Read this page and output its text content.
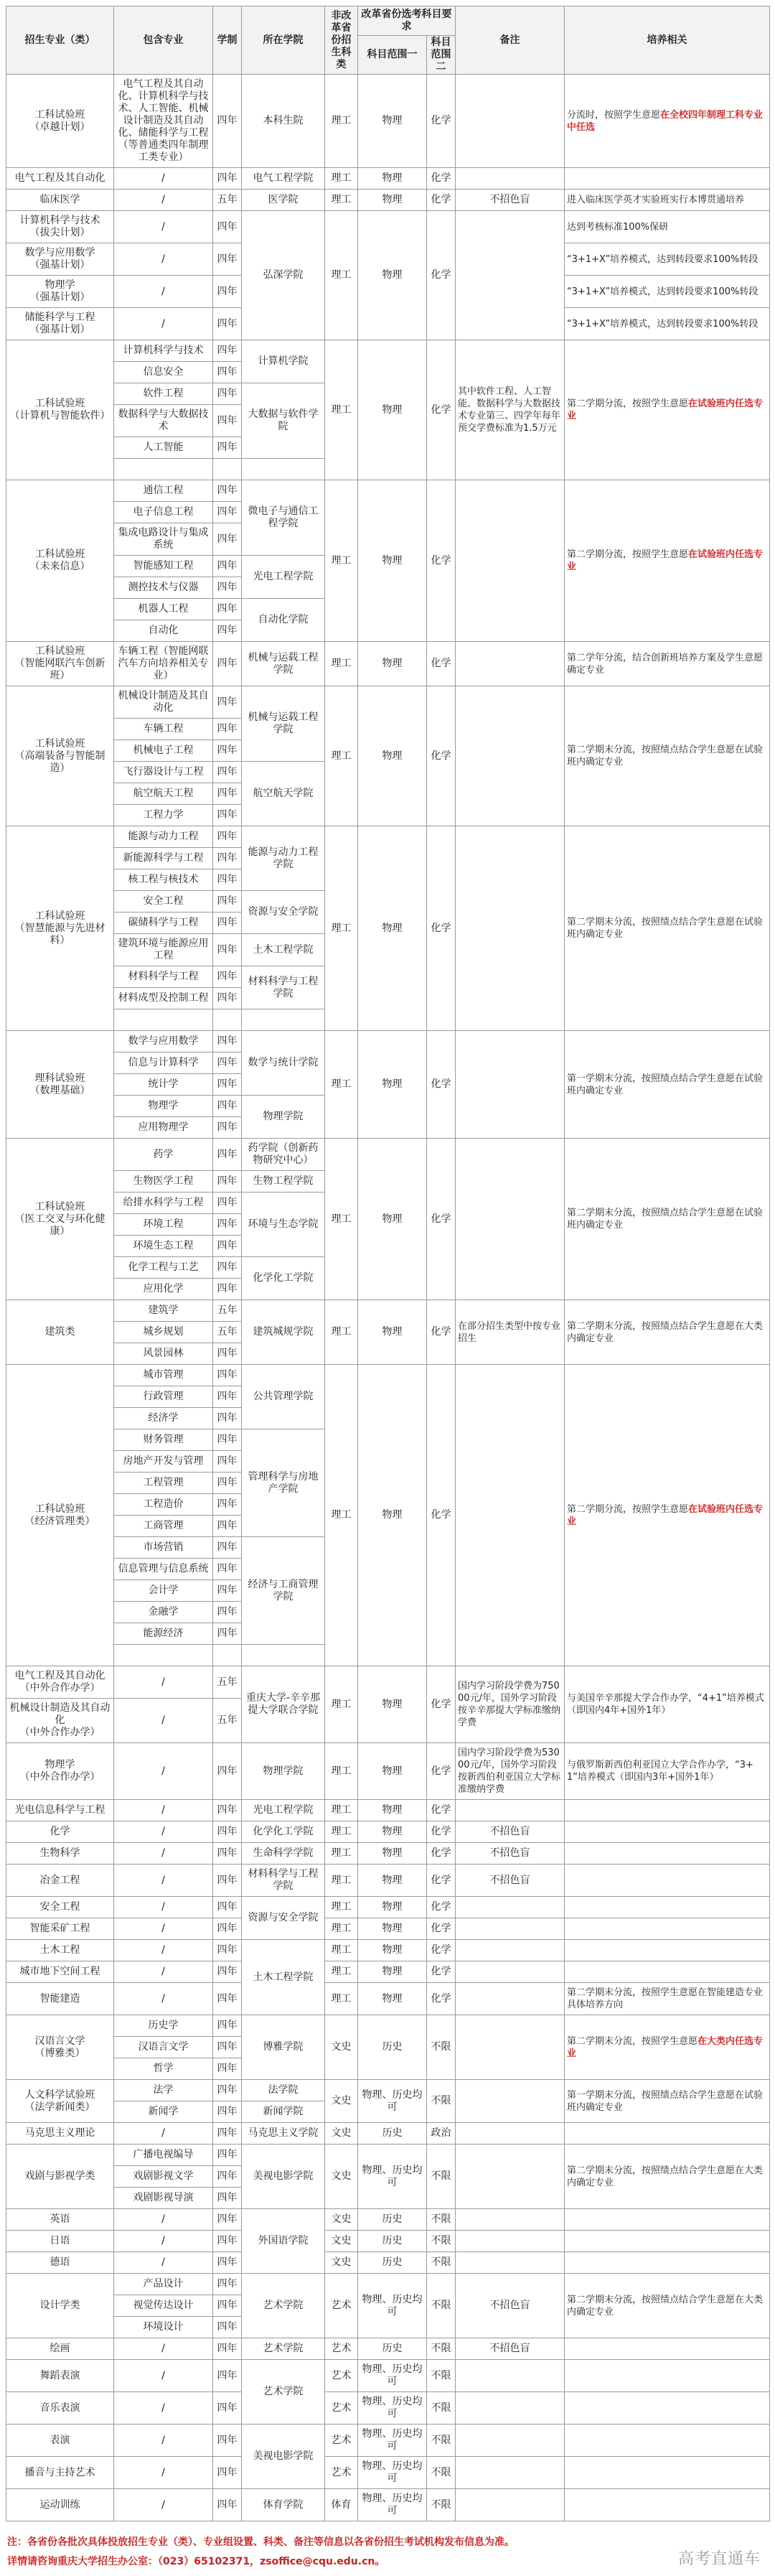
招生专业（类）	包含专业	学制	所在学院	非改革省份招生科类	改革省份选考科目要求		备注	培养相关
					科目范围一	科目范围二		
工科试验班
（卓越计划）	电气工程及其自动化、计算机科学与技术、人工智能、机械设计制造及其自动化、储能科学与工程（等普通类四年制理工类专业）	四年	本科生院	理工	物理	化学		分流时，按照学生意愿在全校四年制理工科专业中任选
电气工程及其自动化	/	四年	电气工程学院	理工	物理	化学		
临床医学	/	五年	医学院	理工	物理	化学	不招色盲	进入临床医学英才实验班实行本博贯通培养
计算机科学与技术
（拔尖计划）	/	四年	弘深学院	理工	物理	化学		达到考核标准100%保研
数学与应用数学
（强基计划）	/	四年						“3+1+X”培养模式，达到转段要求100%转段
物理学
（强基计划）	/	四年						“3+1+X”培养模式，达到转段要求100%转段
储能科学与工程
（强基计划）	/	四年						“3+1+X”培养模式，达到转段要求100%转段
工科试验班
（计算机与智能软件）	计算机科学与技术	四年	计算机学院	理工	物理	化学	其中软件工程、人工智能、数据科学与大数据技术专业第三、四学年每年预交学费标准为1.5万元	第二学期分流，按照学生意愿在试验班内任选专业
	信息安全	四年						
	软件工程	四年	大数据与软件学院					
	数据科学与大数据技术	四年						
	人工智能	四年						

工科试验班
（未来信息）	通信工程	四年	微电子与通信工程学院	理工	物理	化学		第二学期分流，按照学生意愿在试验班内任选专业
	电子信息工程	四年						
	集成电路设计与集成系统	四年						
	智能感知工程	四年	光电工程学院					
	测控技术与仪器	四年						
	机器人工程	四年	自动化学院					
	自动化	四年						
工科试验班
（智能网联汽车创新班）	车辆工程（智能网联汽车方向培养相关专业）	四年	机械与运载工程学院	理工	物理	化学		第二学年分流，结合创新班培养方案及学生意愿确定专业
工科试验班
（高端装备与智能制造）	机械设计制造及其自动化	四年	机械与运载工程学院	理工	物理	化学		第二学期末分流，按照绩点结合学生意愿在试验班内确定专业
	车辆工程	四年						
	机械电子工程	四年						
	飞行器设计与工程	四年	航空航天学院					
	航空航天工程	四年						
	工程力学	四年						
工科试验班
（智慧能源与先进材料）	能源与动力工程	四年	能源与动力工程学院	理工	物理	化学		第二学期末分流，按照绩点结合学生意愿在试验班内确定专业
	新能源科学与工程	四年						
	核工程与核技术	四年						
	安全工程	四年	资源与安全学院					
	碳储科学与工程	四年						
	建筑环境与能源应用工程	四年	土木工程学院					
	材料科学与工程	四年	材料科学与工程学院					
	材料成型及控制工程	四年						

理科试验班
（数理基础）	数学与应用数学	四年	数学与统计学院	理工	物理	化学		第一学期末分流，按照绩点结合学生意愿在试验班内确定专业
	信息与计算科学	四年						
	统计学	四年						
	物理学	四年	物理学院					
	应用物理学	四年						
工科试验班
（医工交叉与环化健康）	药学	四年	药学院（创新药物研究中心）	理工	物理	化学		第二学期末分流，按照绩点结合学生意愿在试验班内确定专业
	生物医学工程	四年	生物工程学院					
	给排水科学与工程	四年	环境与生态学院					
	环境工程	四年						
	环境生态工程	四年						
	化学工程与工艺	四年	化学化工学院					
	应用化学	四年						
建筑类	建筑学	五年	建筑城规学院	理工	物理	化学	在部分招生类型中按专业招生	第二学期末分流，按照绩点结合学生意愿在大类内确定专业
	城乡规划	五年						
	风景园林	四年						
工科试验班
（经济管理类）	城市管理	四年	公共管理学院	理工	物理	化学		第二学期分流，按照学生意愿在试验班内任选专业
	行政管理	四年						
	经济学	四年						
	财务管理	四年	管理科学与房地产学院					
	房地产开发与管理	四年						
	工程管理	四年						
	工程造价	四年						
	工商管理	四年						
	市场营销	四年	经济与工商管理学院					
	信息管理与信息系统	四年						
	会计学	四年						
	金融学	四年						
	能源经济	四年						

电气工程及其自动化
（中外合作办学）	/	五年	重庆大学-辛辛那提大学联合学院	理工	物理	化学	国内学习阶段学费为75000元/年，国外学习阶段按辛辛那提大学标准缴纳学费	与美国辛辛那提大学合作办学，“4+1”培养模式（即国内4年+国外1年）
机械设计制造及其自动化
（中外合作办学）	/	五年						
物理学
（中外合作办学）	/	四年	物理学院	理工	物理	化学	国内学习阶段学费为53000元/年，国外学习阶段按新西伯利亚国立大学标准缴纳学费	与俄罗斯新西伯利亚国立大学合作办学，“3+1”培养模式（即国内3年+国外1年）
光电信息科学与工程	/	四年	光电工程学院	理工	物理	化学		
化学	/	四年	化学化工学院	理工	物理	化学	不招色盲	
生物科学	/	四年	生命科学学院	理工	物理	化学	不招色盲	
冶金工程	/	四年	材料科学与工程学院	理工	物理	化学	不招色盲	
安全工程	/	四年	资源与安全学院	理工	物理	化学		
智能采矿工程	/	四年		理工	物理	化学		
土木工程	/	四年	土木工程学院	理工	物理	化学		
城市地下空间工程	/	四年		理工	物理	化学		
智能建造	/	四年		理工	物理	化学		第二学期末分流，按照学生意愿在智能建造专业具体培养方向
汉语言文学
（博雅类）	历史学	四年	博雅学院	文史	历史	不限		第二学期末分流，按照学生意愿在大类内任选专业
	汉语言文学	四年						
	哲学	四年						
人文科学试验班
（法学新闻类）	法学	四年	法学院	文史	物理、历史均可	不限		第一学期末分流，按照绩点结合学生意愿在试验班内确定专业
	新闻学	四年	新闻学院					
马克思主义理论	/	四年	马克思主义学院	文史	历史	政治		
戏剧与影视学类	广播电视编导	四年	美视电影学院	文史	物理、历史均可	不限		第二学期末分流，按照绩点结合学生意愿在大类内确定专业
	戏剧影视文学	四年						
	戏剧影视导演	四年						
英语	/	四年	外国语学院	文史	历史	不限		
日语	/	四年		文史	历史	不限		
德语	/	四年		文史	历史	不限		
设计学类	产品设计	四年	艺术学院	艺术	物理、历史均可	不限	不招色盲	第二学期末分流，按照绩点结合学生意愿在大类内确定专业
	视觉传达设计	四年						
	环境设计	四年						
绘画	/	四年	艺术学院	艺术	历史	不限	不招色盲	
舞蹈表演	/	四年	艺术学院	艺术	物理、历史均可	不限		
音乐表演	/	四年		艺术	物理、历史均可	不限		
表演	/	四年	美视电影学院	艺术	物理、历史均可	不限		
播音与主持艺术	/	四年		艺术	物理、历史均可	不限		
运动训练	/	四年	体育学院	体育	物理、历史均可	不限		
注：各省份各批次具体投放招生专业（类）、专业组设置、科类、备注等信息以各省份招生考试机构发布信息为准。
详情请咨询重庆大学招生办公室：（023）65102371，zsoffice@cqu.edu.cn。	高考直通车
